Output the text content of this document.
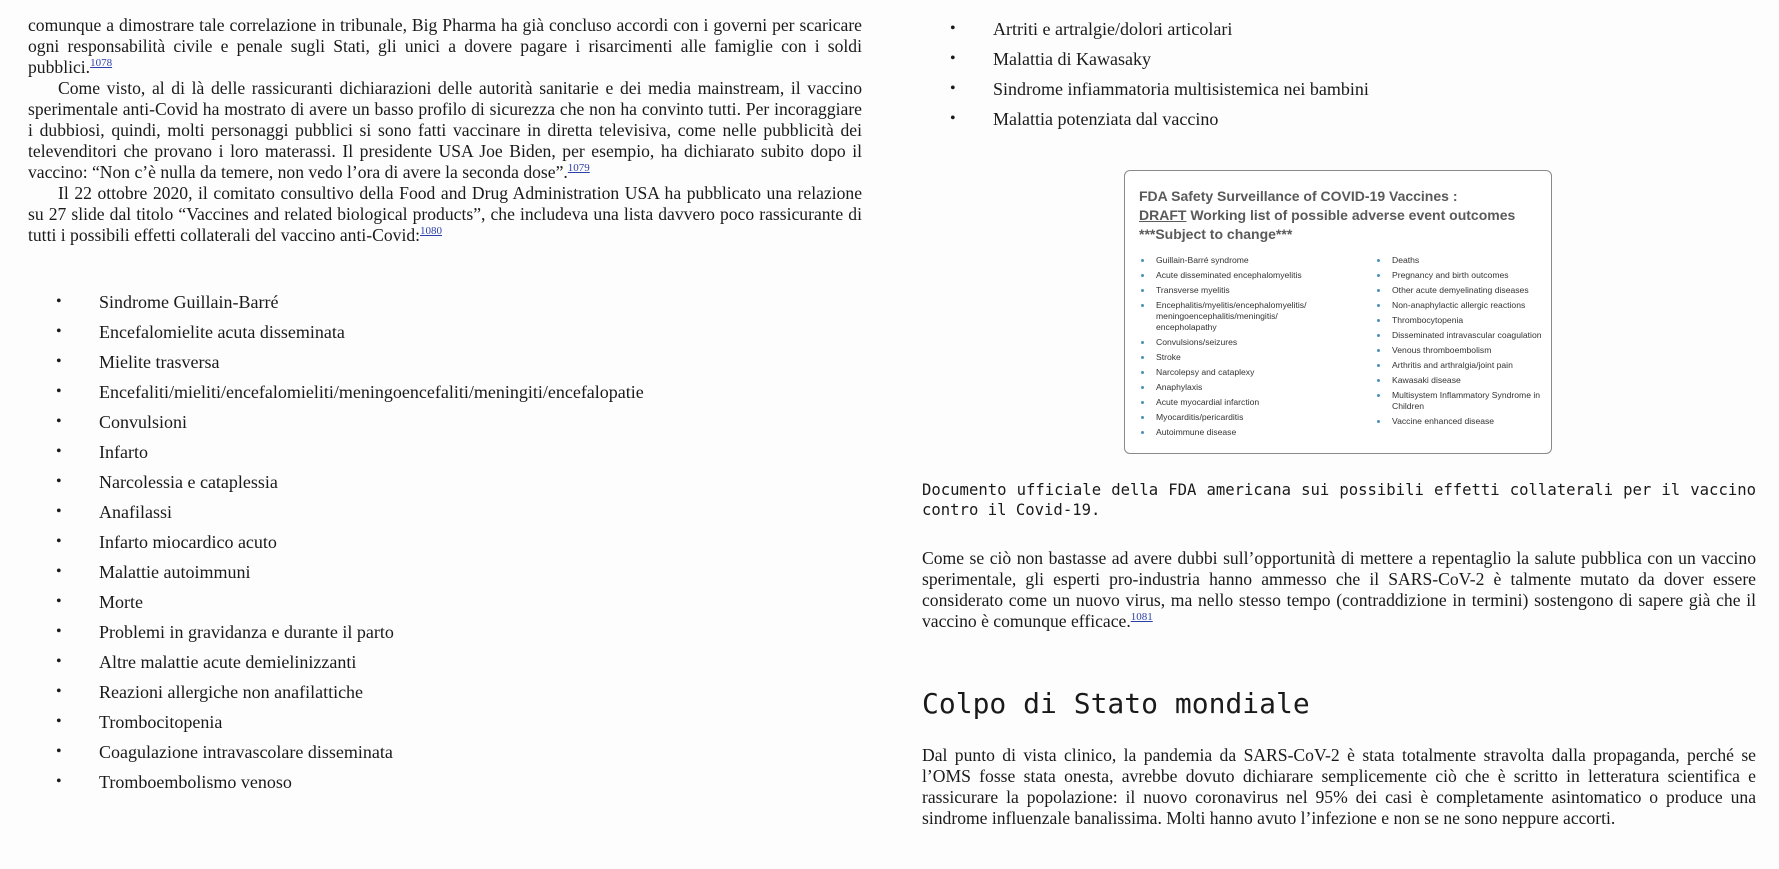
comunque a dimostrare tale correlazione in tribunale, Big Pharma ha già concluso accordi con i governi per scaricare ogni responsabilità civile e penale sugli Stati, gli unici a dovere pagare i risarcimenti alle famiglie con i soldi pubblici.$^{1078}$

Come visto, al di là delle rassicuranti dichiarazioni delle autorità sanitarie e dei media mainstream, il vaccino sperimentale anti-Covid ha mostrato di avere un basso profilo di sicurezza che non ha convinto tutti. Per incoraggiare i dubbiosi, quindi, molti personaggi pubblici si sono fatti vaccinare in diretta televisiva, come nelle pubblicità dei televenditori che provano i loro materassi. Il presidente USA Joe Biden, per esempio, ha dichiarato subito dopo il vaccino: “Non c’è nulla da temere, non vedo l’ora di avere la seconda dose”.$^{1079}$

Il 22 ottobre 2020, il comitato consultivo della Food and Drug Administration USA ha pubblicato una relazione su 27 slide dal titolo “Vaccines and related biological products”, che includeva una lista davvero poco rassicurante di tutti i possibili effetti collaterali del vaccino anti-Covid:$^{1080}$

• Sindrome Guillain-Barré
• Encefalomielite acuta disseminata
• Mielite trasversa
• Encefaliti/mieliti/encefalomieliti/meningoencefaliti/meningiti/encefalopatie
• Convulsioni
• Infarto
• Narcolessia e cataplessia
• Anafilassi
• Infarto miocardico acuto
• Malattie autoimmuni
• Morte
• Problemi in gravidanza e durante il parto
• Altre malattie acute demielinizzanti
• Reazioni allergiche non anafilattiche
• Trombocitopenia
• Coagulazione intravascolare disseminata
• Tromboembolismo venoso
• Artriti e artralgie/dolori articolari
• Malattia di Kawasaky
• Sindrome infiammatoria multisistemica nei bambini
• Malattia potenziata dal vaccino
FDA Safety Surveillance of COVID-19 Vaccines :
DRAFT Working list of possible adverse event outcomes
***Subject to change***
Guillain-Barré syndrome
Acute disseminated encephalomyelitis
Transverse myelitis
Encephalitis/myelitis/encephalomyelitis/ meningoencephalitis/meningitis/ encepholapathy
Convulsions/seizures
Stroke
Narcolepsy and cataplexy
Anaphylaxis
Acute myocardial infarction
Myocarditis/pericarditis
Autoimmune disease
Deaths
Pregnancy and birth outcomes
Other acute demyelinating diseases
Non-anaphylactic allergic reactions
Thrombocytopenia
Disseminated intravascular coagulation
Venous thromboembolism
Arthritis and arthralgia/joint pain
Kawasaki disease
Multisystem Inflammatory Syndrome in Children
Vaccine enhanced disease
Documento ufficiale della FDA americana sui possibili effetti collaterali per il vaccino contro il Covid-19.

Come se ciò non bastasse ad avere dubbi sull’opportunità di mettere a repentaglio la salute pubblica con un vaccino sperimentale, gli esperti pro-industria hanno ammesso che il SARS-CoV-2 è talmente mutato da dover essere considerato come un nuovo virus, ma nello stesso tempo (contraddizione in termini) sostengono di sapere già che il vaccino è comunque efficace.$^{1081}$

Colpo di Stato mondiale

Dal punto di vista clinico, la pandemia da SARS-CoV-2 è stata totalmente stravolta dalla propaganda, perché se l’OMS fosse stata onesta, avrebbe dovuto dichiarare semplicemente ciò che è scritto in letteratura scientifica e rassicurare la popolazione: il nuovo coronavirus nel 95% dei casi è completamente asintomatico o produce una sindrome influenzale banalissima. Molti hanno avuto l’infezione e non se ne sono neppure accorti.
